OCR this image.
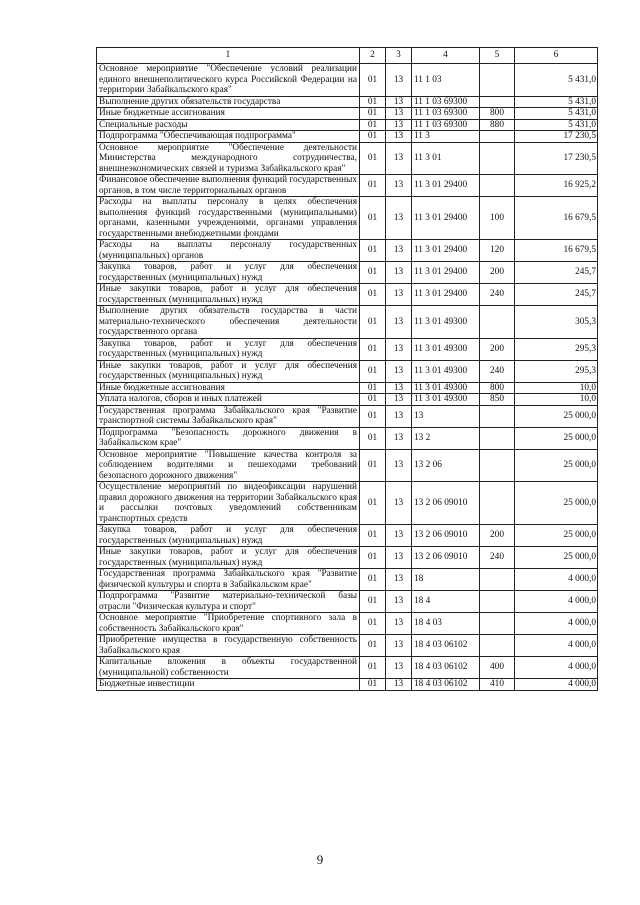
1	2	3	4	5	6
Основное мероприятие "Обеспечение условий реализации единого внешнеполитического курса Российской Федерации на территории Забайкальского края"	01	13	11 1 03		5 431,0
Выполнение других обязательств государства	01	13	11 1 03 69300		5 431,0
Иные бюджетные ассигнования	01	13	11 1 03 69300	800	5 431,0
Специальные расходы	01	13	11 1 03 69300	880	5 431,0
Подпрограмма "Обеспечивающая подпрограмма"	01	13	11 3		17 230,5
Основное мероприятие "Обеспечение деятельности Министерства международного сотрудничества, внешнеэкономических связей и туризма Забайкальского края"	01	13	11 3 01		17 230,5
Финансовое обеспечение выполнения функций государственных органов, в том числе территориальных органов	01	13	11 3 01 29400		16 925,2
Расходы на выплаты персоналу в целях обеспечения выполнения функций государственными (муниципальными) органами, казенными учреждениями, органами управления государственными внебюджетными фондами	01	13	11 3 01 29400	100	16 679,5
Расходы на выплаты персоналу государственных (муниципальных) органов	01	13	11 3 01 29400	120	16 679,5
Закупка товаров, работ и услуг для обеспечения государственных (муниципальных) нужд	01	13	11 3 01 29400	200	245,7
Иные закупки товаров, работ и услуг для обеспечения государственных (муниципальных) нужд	01	13	11 3 01 29400	240	245,7
Выполнение других обязательств государства в части материально-технического обеспечения деятельности государственного органа	01	13	11 3 01 49300		305,3
Закупка товаров, работ и услуг для обеспечения государственных (муниципальных) нужд	01	13	11 3 01 49300	200	295,3
Иные закупки товаров, работ и услуг для обеспечения государственных (муниципальных) нужд	01	13	11 3 01 49300	240	295,3
Иные бюджетные ассигнования	01	13	11 3 01 49300	800	10,0
Уплата налогов, сборов и иных платежей	01	13	11 3 01 49300	850	10,0
Государственная программа Забайкальского края "Развитие транспортной системы Забайкальского края"	01	13	13		25 000,0
Подпрограмма "Безопасность дорожного движения в Забайкальском крае"	01	13	13 2		25 000,0
Основное мероприятие "Повышение качества контроля за соблюдением водителями и пешеходами требований безопасного дорожного движения"	01	13	13 2 06		25 000,0
Осуществление мероприятий по видеофиксации нарушений правил дорожного движения на территории Забайкальского края и рассылки почтовых уведомлений собственникам транспортных средств	01	13	13 2 06 09010		25 000,0
Закупка товаров, работ и услуг для обеспечения государственных (муниципальных) нужд	01	13	13 2 06 09010	200	25 000,0
Иные закупки товаров, работ и услуг для обеспечения государственных (муниципальных) нужд	01	13	13 2 06 09010	240	25 000,0
Государственная программа Забайкальского края "Развитие физической культуры и спорта в Забайкальском крае"	01	13	18		4 000,0
Подпрограмма "Развитие материально-технической базы отрасли "Физическая культура и спорт"	01	13	18 4		4 000,0
Основное мероприятие "Приобретение спортивного зала в собственность Забайкальского края"	01	13	18 4 03		4 000,0
Приобретение имущества в государственную собственность Забайкальского края	01	13	18 4 03 06102		4 000,0
Капитальные вложения в объекты государственной (муниципальной) собственности	01	13	18 4 03 06102	400	4 000,0
Бюджетные инвестиции	01	13	18 4 03 06102	410	4 000,0
9
